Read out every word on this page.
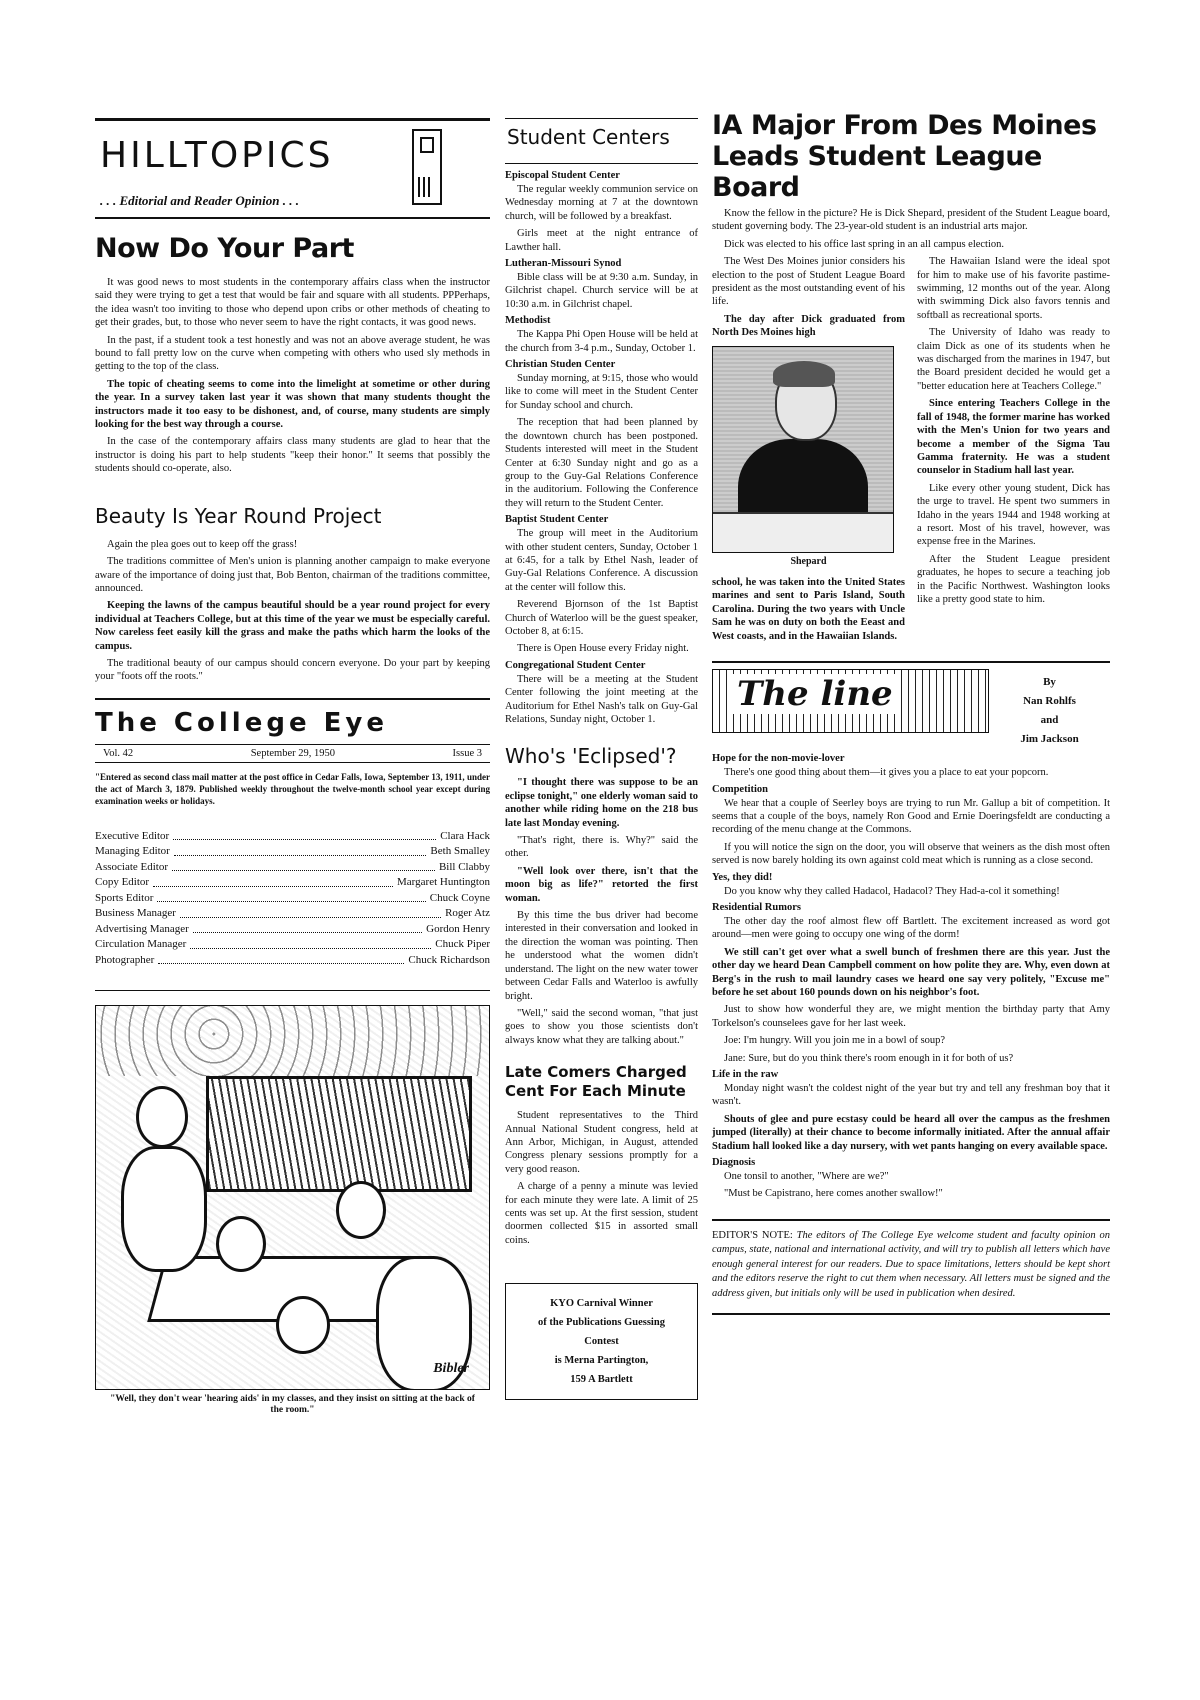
HILLTOPICS
. . . Editorial and Reader Opinion . . .
Now Do Your Part

It was good news to most students in the contemporary affairs class when the instructor said they were trying to get a test that would be fair and square with all students. PPPerhaps, the idea wasn't too inviting to those who depend upon cribs or other methods of cheating to get their grades, but, to those who never seem to have the right contacts, it was good news.

In the past, if a student took a test honestly and was not an above average student, he was bound to fall pretty low on the curve when competing with others who used sly methods in getting to the top of the class.

The topic of cheating seems to come into the limelight at sometime or other during the year. In a survey taken last year it was shown that many students thought the instructors made it too easy to be dishonest, and, of course, many students are simply looking for the best way through a course.

In the case of the contemporary affairs class many students are glad to hear that the instructor is doing his part to help students "keep their honor." It seems that possibly the students should co-operate, also.

Beauty Is Year Round Project

Again the plea goes out to keep off the grass!

The traditions committee of Men's union is planning another campaign to make everyone aware of the importance of doing just that, Bob Benton, chairman of the traditions committee, announced.

Keeping the lawns of the campus beautiful should be a year round project for every individual at Teachers College, but at this time of the year we must be especially careful. Now careless feet easily kill the grass and make the paths which harm the looks of the campus.

The traditional beauty of our campus should concern everyone. Do your part by keeping your "foots off the roots."

The College Eye
Vol. 42	September 29, 1950	Issue 3

"Entered as second class mail matter at the post office in Cedar Falls, Iowa, September 13, 1911, under the act of March 3, 1879. Published weekly throughout the twelve-month school year except during examination weeks or holidays.

Executive Editor	Clara Hack
Managing Editor	Beth Smalley
Associate Editor	Bill Clabby
Copy Editor	Margaret Huntington
Sports Editor	Chuck Coyne
Business Manager	Roger Atz
Advertising Manager	Gordon Henry
Circulation Manager	Chuck Piper
Photographer	Chuck Richardson
Bibler

"Well, they don't wear 'hearing aids' in my classes, and they insist on sitting at the back of the room."

Student Centers
Episcopal Student Center

The regular weekly communion service on Wednesday morning at 7 at the downtown church, will be followed by a breakfast.

Girls meet at the night entrance of Lawther hall.

Lutheran-Missouri Synod

Bible class will be at 9:30 a.m. Sunday, in Gilchrist chapel. Church service will be at 10:30 a.m. in Gilchrist chapel.

Methodist

The Kappa Phi Open House will be held at the church from 3-4 p.m., Sunday, October 1.

Christian Studen Center

Sunday morning, at 9:15, those who would like to come will meet in the Student Center for Sunday school and church.

The reception that had been planned by the downtown church has been postponed. Students interested will meet in the Student Center at 6:30 Sunday night and go as a group to the Guy-Gal Relations Conference in the auditorium. Following the Conference they will return to the Student Center.

Baptist Student Center

The group will meet in the Auditorium with other student centers, Sunday, October 1 at 6:45, for a talk by Ethel Nash, leader of Guy-Gal Relations Conference. A discussion at the center will follow this.

Reverend Bjornson of the 1st Baptist Church of Waterloo will be the guest speaker, October 8, at 6:15.

There is Open House every Friday night.

Congregational Student Center

There will be a meeting at the Student Center following the joint meeting at the Auditorium for Ethel Nash's talk on Guy-Gal Relations, Sunday night, October 1.

Who's 'Eclipsed'?

"I thought there was suppose to be an eclipse tonight," one elderly woman said to another while riding home on the 218 bus late last Monday evening.

"That's right, there is. Why?" said the other.

"Well look over there, isn't that the moon big as life?" retorted the first woman.

By this time the bus driver had become interested in their conversation and looked in the direction the woman was pointing. Then he understood what the women didn't understand. The light on the new water tower between Cedar Falls and Waterloo is awfully bright.

"Well," said the second woman, "that just goes to show you those scientists don't always know what they are talking about."

Late Comers Charged Cent For Each Minute

Student representatives to the Third Annual National Student congress, held at Ann Arbor, Michigan, in August, attended Congress plenary sessions promptly for a very good reason.

A charge of a penny a minute was levied for each minute they were late. A limit of 25 cents was set up. At the first session, student doormen collected $15 in assorted small coins.

KYO Carnival Winner
of the Publications Guessing
Contest
is Merna Partington,
159 A Bartlett
IA Major From Des Moines Leads Student League Board

Know the fellow in the picture? He is Dick Shepard, president of the Student League board, student governing body. The 23-year-old student is an industrial arts major.

Dick was elected to his office last spring in an all campus election.

The West Des Moines junior considers his election to the post of Student League Board president as the most outstanding event of his life.

The day after Dick graduated from North Des Moines high

Shepard

school, he was taken into the United States marines and sent to Paris Island, South Carolina. During the two years with Uncle Sam he was on duty on both the Eeast and West coasts, and in the Hawaiian Islands.

The Hawaiian Island were the ideal spot for him to make use of his favorite pastime-swimming, 12 months out of the year. Along with swimming Dick also favors tennis and softball as recreational sports.

The University of Idaho was ready to claim Dick as one of its students when he was discharged from the marines in 1947, but the Board president decided he would get a "better education here at Teachers College."

Since entering Teachers College in the fall of 1948, the former marine has worked with the Men's Union for two years and become a member of the Sigma Tau Gamma fraternity. He was a student counselor in Stadium hall last year.

Like every other young student, Dick has the urge to travel. He spent two summers in Idaho in the years 1944 and 1948 working at a resort. Most of his travel, however, was expense free in the Marines.

After the Student League president graduates, he hopes to secure a teaching job in the Pacific Northwest. Washington looks like a pretty good state to him.

The line	By
Nan Rohlfs
and
Jim Jackson
Hope for the non-movie-lover

There's one good thing about them—it gives you a place to eat your popcorn.

Competition

We hear that a couple of Seerley boys are trying to run Mr. Gallup a bit of competition. It seems that a couple of the boys, namely Ron Good and Ernie Doeringsfeldt are conducting a recording of the menu change at the Commons.

If you will notice the sign on the door, you will observe that weiners as the dish most often served is now barely holding its own against cold meat which is running as a close second.

Yes, they did!

Do you know why they called Hadacol, Hadacol? They Had-a-col it something!

Residential Rumors

The other day the roof almost flew off Bartlett. The excitement increased as word got around—men were going to occupy one wing of the dorm!

We still can't get over what a swell bunch of freshmen there are this year. Just the other day we heard Dean Campbell comment on how polite they are. Why, even down at Berg's in the rush to mail laundry cases we heard one say very politely, "Excuse me" before he set about 160 pounds down on his neighbor's foot.

Just to show how wonderful they are, we might mention the birthday party that Amy Torkelson's counselees gave for her last week.

Joe: I'm hungry. Will you join me in a bowl of soup?

Jane: Sure, but do you think there's room enough in it for both of us?

Life in the raw

Monday night wasn't the coldest night of the year but try and tell any freshman boy that it wasn't.

Shouts of glee and pure ecstasy could be heard all over the campus as the freshmen jumped (literally) at their chance to become informally initiated. After the annual affair Stadium hall looked like a day nursery, with wet pants hanging on every available space.

Diagnosis

One tonsil to another, "Where are we?"

"Must be Capistrano, here comes another swallow!"

EDITOR'S NOTE: The editors of The College Eye welcome student and faculty opinion on campus, state, national and international activity, and will try to publish all letters which have enough general interest for our readers. Due to space limitations, letters should be kept short and the editors reserve the right to cut them when necessary. All letters must be signed and the address given, but initials only will be used in publication when desired.
